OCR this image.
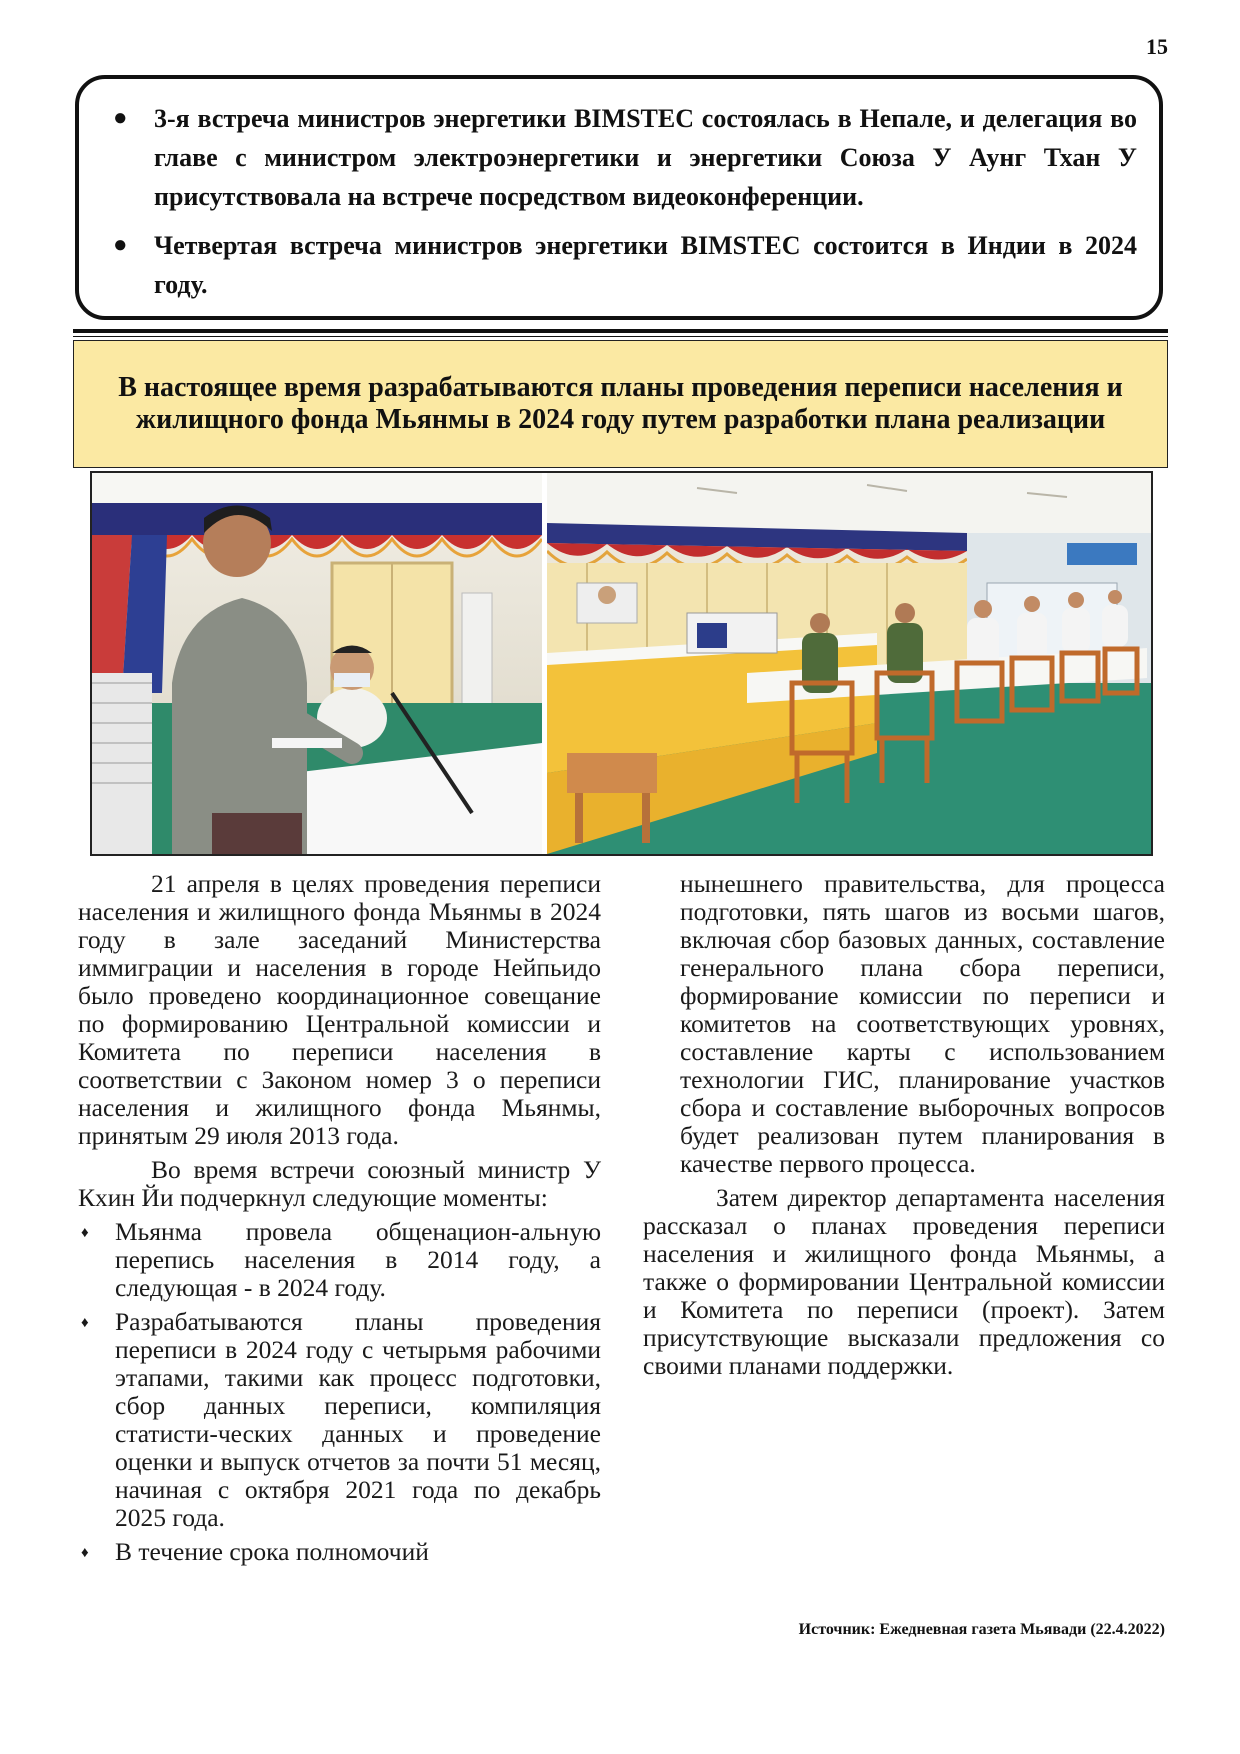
15
● 3-я встреча министров энергетики BIMSTEC состоялась в Непале, и делегация во главе с министром электроэнергетики и энергетики Союза У Аунг Тхан У присутствовала на встрече посредством видеоконференции.
● Четвертая встреча министров энергетики BIMSTEC состоится в Индии в 2024 году.
В настоящее время разрабатываются планы проведения переписи населения и жилищного фонда Мьянмы в 2024 году путем разработки плана реализации

21 апреля в целях проведения переписи населения и жилищного фонда Мьянмы в 2024 году в зале заседаний Министерства иммиграции и населения в городе Нейпьидо было проведено координационное совещание по формированию Центральной комиссии и Комитета по переписи населения в соответствии с Законом номер 3 о переписи населения и жилищного фонда Мьянмы, принятым 29 июля 2013 года.

Во время встречи союзный министр У Кхин Йи подчеркнул следующие моменты:

♦ Мьянма провела общенацион-альную перепись населения в 2014 году, а следующая - в 2024 году.
♦ Разрабатываются планы проведения переписи в 2024 году с четырьмя рабочими этапами, такими как процесс подготовки, сбор данных переписи, компиляция статисти-ческих данных и проведение оценки и выпуск отчетов за почти 51 месяц, начиная с октября 2021 года по декабрь 2025 года.
♦ В течение срока полномочий

нынешнего правительства, для процесса подготовки, пять шагов из восьми шагов, включая сбор базовых данных, составление генерального плана сбора переписи, формирование комиссии по переписи и комитетов на соответствующих уровнях, составление карты с использованием технологии ГИС, планирование участков сбора и составление выборочных вопросов будет реализован путем планирования в качестве первого процесса.

Затем директор департамента населения рассказал о планах проведения переписи населения и жилищного фонда Мьянмы, а также о формировании Центральной комиссии и Комитета по переписи (проект). Затем присутствующие высказали предложения со своими планами поддержки.

Источник: Ежедневная газета Мьявади (22.4.2022)
